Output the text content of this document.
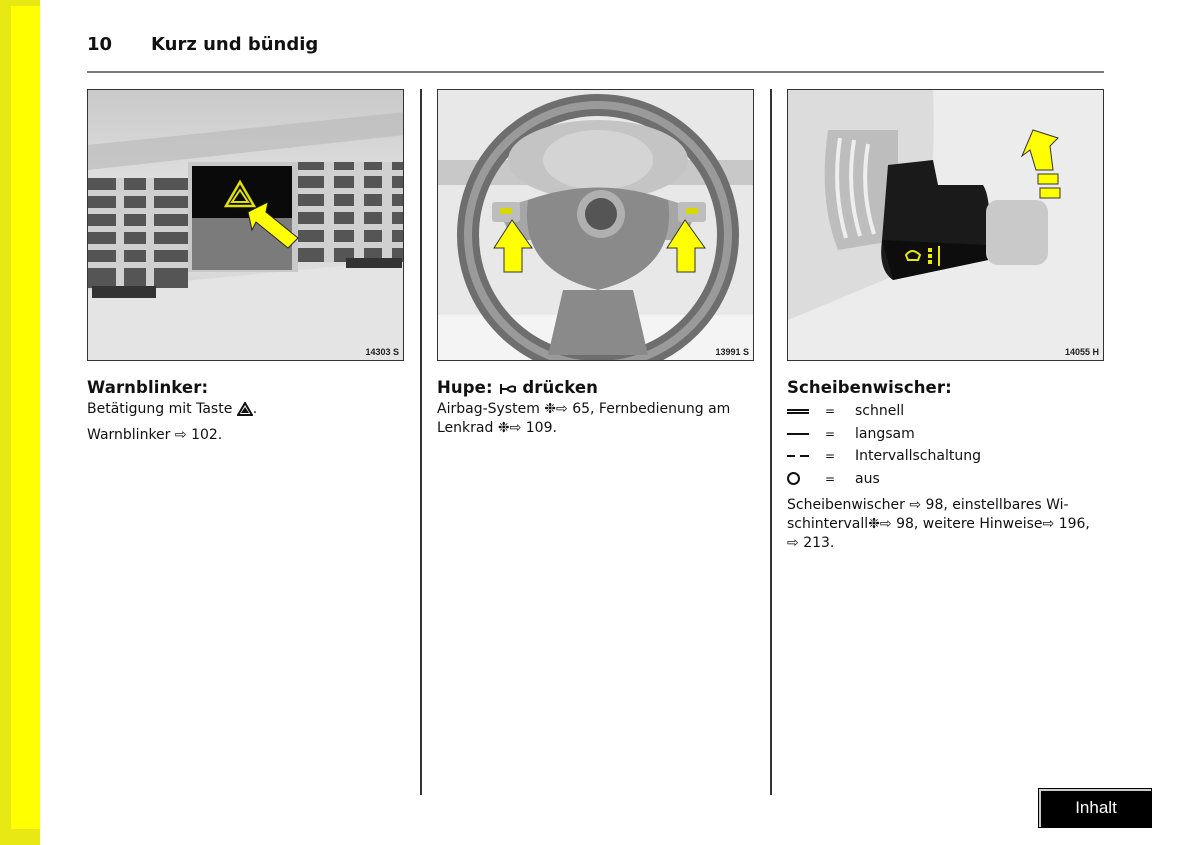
10 Kurz und bündig
14303 S	13991 S	14055 H
Warnblinker:

Betätigung mit Taste .

Warnblinker ⇨ 102.

Hupe: drücken

Airbag-System ❉⇨ 65, Fernbedienung am
Lenkrad ❉⇨ 109.

Scheibenwischer:
=	schnell
=	langsam
=	Intervallschaltung
=	aus

Scheibenwischer ⇨ 98, einstellbares Wi-
schintervall❉⇨ 98, weitere Hinweise⇨ 196,
⇨ 213.

Inhalt
